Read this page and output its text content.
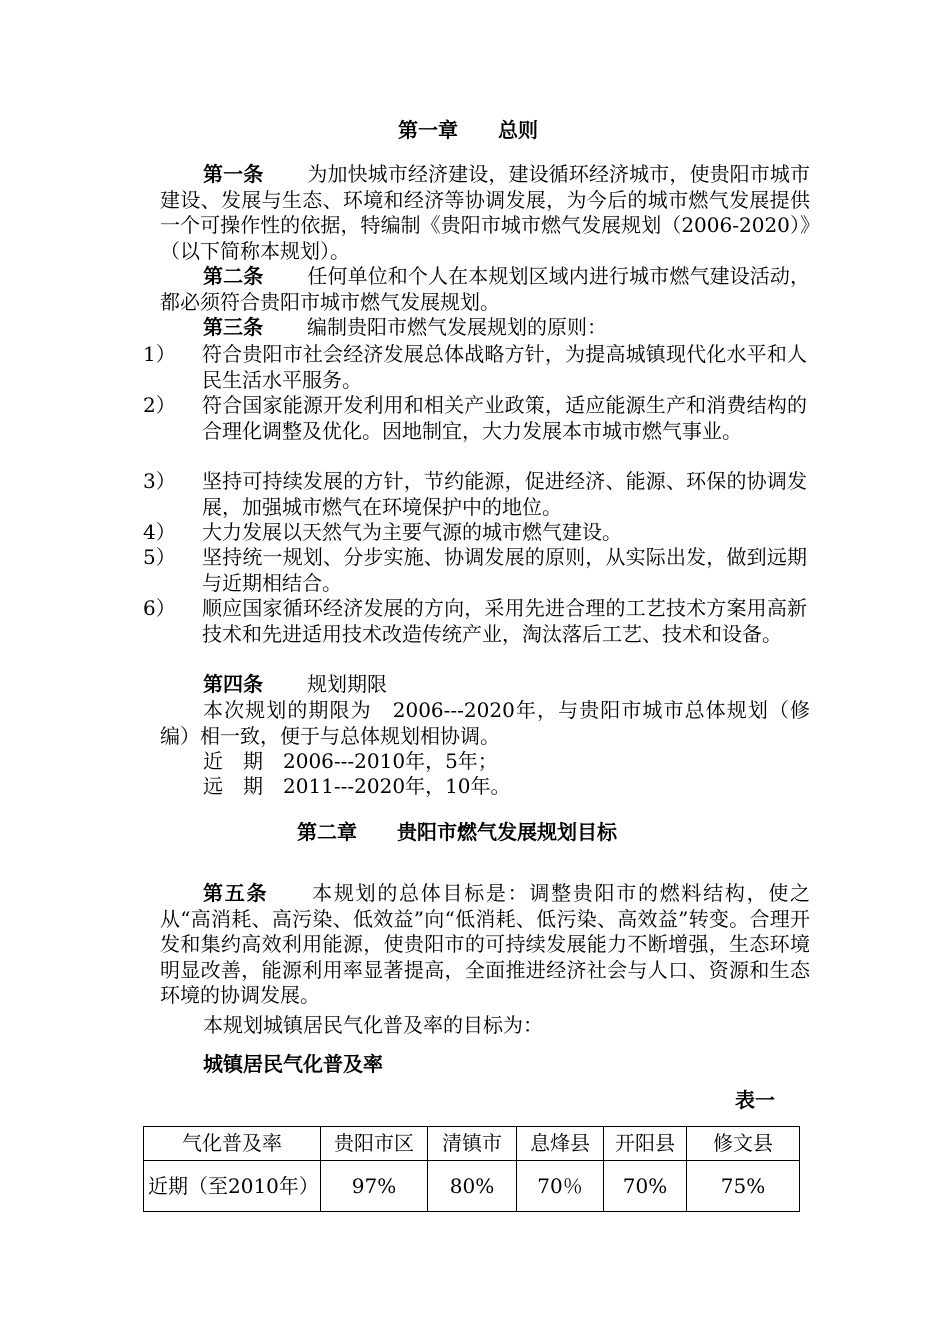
第一章　　总则
第一条 为加快城市经济建设，建设循环经济城市，使贵阳市城市建设、发展与生态、环境和经济等协调发展，为今后的城市燃气发展提供一个可操作性的依据，特编制《贵阳市城市燃气发展规划（2006-2020）》（以下简称本规划）。
第二条 任何单位和个人在本规划区域内进行城市燃气建设活动，都必须符合贵阳市城市燃气发展规划。
第三条 编制贵阳市燃气发展规划的原则：
1） 符合贵阳市社会经济发展总体战略方针，为提高城镇现代化水平和人民生活水平服务。
2） 符合国家能源开发利用和相关产业政策，适应能源生产和消费结构的合理化调整及优化。因地制宜，大力发展本市城市燃气事业。
3） 坚持可持续发展的方针，节约能源，促进经济、能源、环保的协调发展，加强城市燃气在环境保护中的地位。
4） 大力发展以天然气为主要气源的城市燃气建设。
5） 坚持统一规划、分步实施、协调发展的原则，从实际出发，做到远期与近期相结合。
6） 顺应国家循环经济发展的方向，采用先进合理的工艺技术方案用高新技术和先进适用技术改造传统产业，淘汰落后工艺、技术和设备。
第四条 规划期限
本次规划的期限为　2006---2020年，与贵阳市城市总体规划（修编）相一致，便于与总体规划相协调。
近　期　2006---2010年，5年；
远　期　2011---2020年，10年。
第二章　　贵阳市燃气发展规划目标
第五条 本规划的总体目标是：调整贵阳市的燃料结构，使之从“高消耗、高污染、低效益”向“低消耗、低污染、高效益”转变。合理开发和集约高效利用能源，使贵阳市的可持续发展能力不断增强，生态环境明显改善，能源利用率显著提高，全面推进经济社会与人口、资源和生态环境的协调发展。
本规划城镇居民气化普及率的目标为：
城镇居民气化普及率
表一
气化普及率	贵阳市区	清镇市	息烽县	开阳县	修文县
近期（至2010年）	97%	80%	70％	70%	75%
